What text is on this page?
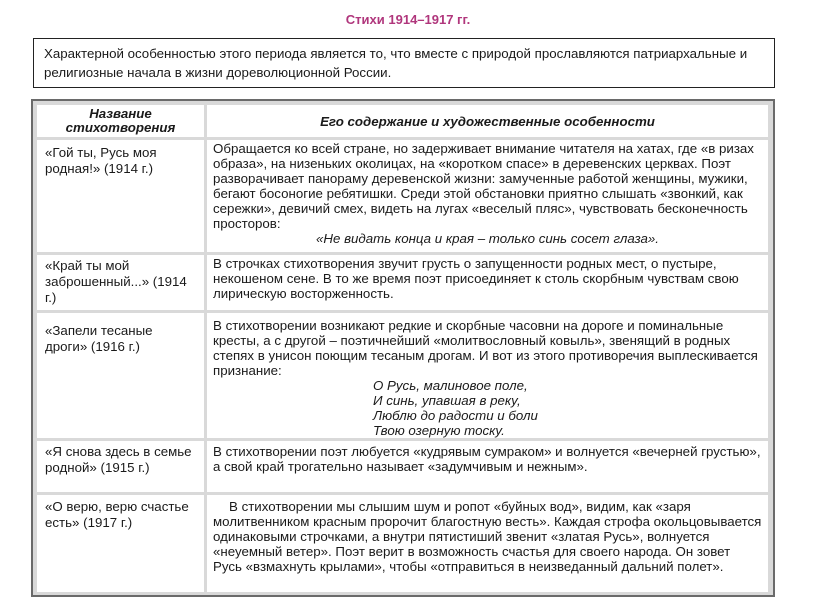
Стихи 1914–1917 гг.
Характерной особенностью этого периода является то, что вместе с природой прославляются патриархальные и религиозные начала в жизни дореволюционной России.
Название стихотворения	Его содержание и художественные особенности
«Гой ты, Русь моя родная!» (1914 г.)	Обращается ко всей стране, но задерживает внимание читателя на хатах, где «в ризах образа», на низеньких околицах, на «коротком спасе» в деревенских церквах. Поэт разворачивает панораму деревенской жизни: замученные работой женщины, мужики, бегают босоногие ребятишки. Среди этой обстановки приятно слышать «звонкий, как сережки», девичий смех, видеть на лугах «веселый пляс», чувствовать бесконечность просторов:
«Не видать конца и края – только синь сосет глаза».

«Край ты мой заброшенный...» (1914 г.)	В строчках стихотворения звучит грусть о запущенности родных мест, о пустыре, некошеном сене. В то же время поэт присоединяет к столь скорбным чувствам свою лирическую восторженность.
«Запели тесаные дроги» (1916 г.)	В стихотворении возникают редкие и скорбные часовни на дороге и поминальные кресты, а с другой – поэтичнейший «молитвословный ковыль», звенящий в родных степях в унисон поющим тесаным дрогам. И вот из этого противоречия выплескивается признание:
О Русь, малиновое поле,
И синь, упавшая в реку,
Люблю до радости и боли
Твою озерную тоску.

«Я снова здесь в семье родной» (1915 г.)	В стихотворении поэт любуется «кудрявым сумраком» и волнуется «вечерней грустью», а свой край трогательно называет «задумчивым и нежным».
«О верю, верю счастье есть» (1917 г.)	В стихотворении мы слышим шум и ропот «буйных вод», видим, как «заря молитвенником красным пророчит благостную весть». Каждая строфа окольцовывается одинаковыми строчками, а внутри пятистиший звенит «златая Русь», волнуется «неуемный ветер». Поэт верит в возможность счастья для своего народа. Он зовет Русь «взмахнуть крылами», чтобы «отправиться в неизведанный дальний полет».
